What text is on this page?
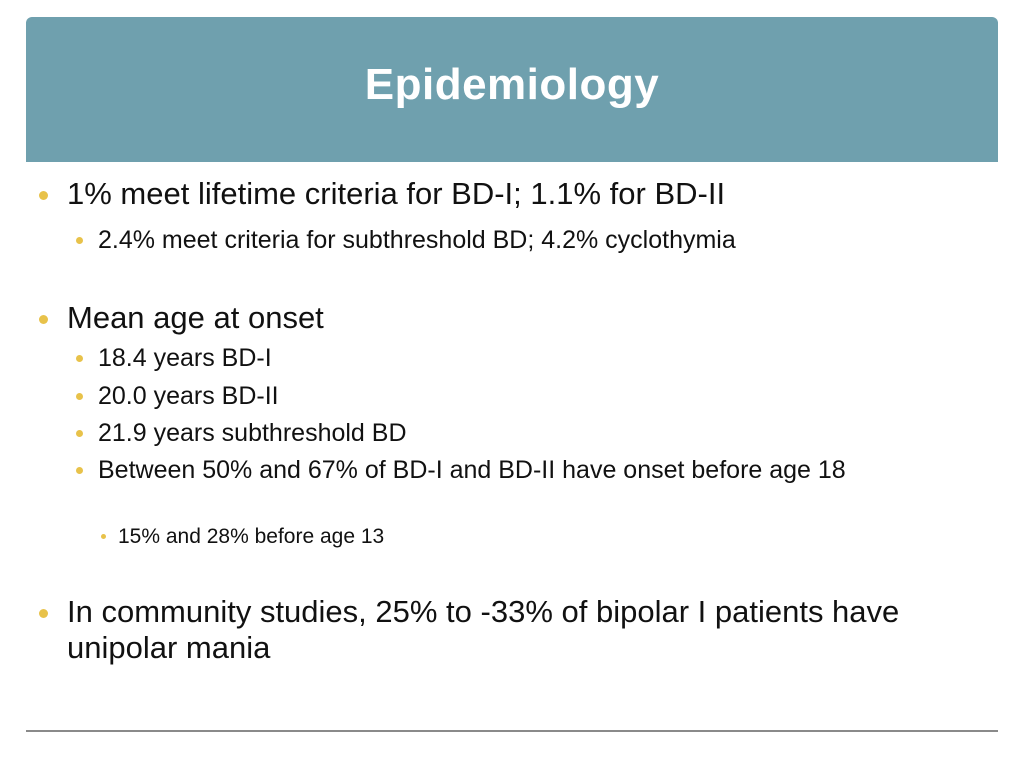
Epidemiology
1% meet lifetime criteria for BD-I; 1.1% for BD-II
2.4% meet criteria for subthreshold BD; 4.2% cyclothymia
Mean age at onset
18.4 years BD-I
20.0 years BD-II
21.9 years subthreshold BD
Between 50% and 67% of BD-I and BD-II have onset before age 18
15% and 28% before age 13
In community studies, 25% to -33% of bipolar I patients have unipolar mania
